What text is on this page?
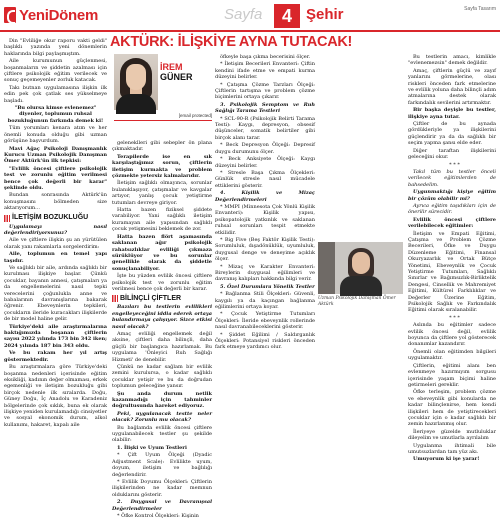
YeniDönem	Sayfa	4 Şehir	Sayfa Tasarım
AKTÜRK: İLİŞKİYE AYNA TUTACAK!

Din "Evliliğe okur raporu vakti geldi" başlıklı yazında yeni dönemlerin haklarında bilgi paylaşmıştım.

Aile kurumunun güçlenmesi, boşanmaların ve şiddetin azalması için çiftlere psikolojik eğitim verilecek ve sonuç geçemeyenler zorluk katacak.

Takı butnan uygulamasına ilişkin ilk edin pek çok çatlak ses yükselmeye başladı.

"Bu olursa kimse evlenemez" diyenler, toplumun ruhsal bozukluğunun farkında demek ki!

Tüm yorumları kenara atım ve her önemli konuda olduğu gibi uzman görüşüne başvurdum.

Mavi Ağaç Psikoloji Danışmanlık Kurucu Uzman Psikolojik Danışman Ömer Aktürk'ün ilk tepkisi:

"Evlilik öncesi çiftlere psikolojik test ve zorunlu eğitim verilmesi bence çok değerli bir karar" şeklinde oldu.

Bundan sonrasında Aktürk'ün konuşmasını bölmeden size aktarıyorum...

İLETİŞİM BOZUKLUĞU

Uygulamayı nasıl değerlendiriyorsunuz?

Aile ve çiftlere ilişkin şu an yürütülen olarak yanı rakamlarla sorgelerdirim:

Aile, toplumun en temel yapı taşıdır.

Ve sağlıklı bir aile, ardında sağlıklı bir kurulması ilişkiye başlar. Çünkü çocuklar, bayanın annesi, çatışmaları ya da engellemelerini nasıl tepki verecelerini çoğunlukla anne ve babalarının davranışlarına bakarak öğrenir. Ebeveynlerin tepkileri, çocukların ileride kuracakları ilişkilerde de bir model haline gelir.

Türkiye'deki aile araştırmalarına baktığımızda boşanan çiftlerin sayısı 2022 yılında 173 bin 342 iken; 2024 yılında 187 bin 343 oldu.

Ve bu rakam her yıl artış göstermektedir.

Bu araştırmalara göre Türkiye'deki boşanma nedenleri içerisinde eğitim eksikliği, kadının değer olmaması, erkek egemenliği ve iletişim bozukluğu gibi birçok nedenle ilk sıralarda. Doğu, Güney Doğu, İç Anadolu ve Karadeniz bölgelerinde çok sıklık, buna ek olarak ilişkiye yeniden kurulamadığı cinsiyetler ve sosyal ekonomik durum, alkol kullanımı, hakaret, kapalı aile

İREM
GÜNER
[email protected]

geleneklleri gibi sebepler ön plana çıkmaktadır.

Terapilerde ise en sık karşılaştığımız sorun, çiftlerin iletişim kurmakta ve problem çözmekte yetersiz kalmalarıdır.

İletişim sağlıklı olmayınca, sorunlar bulanıklaşıyor, çatışmalar ve kavgalar artıyor, yanlış çocuk yetiştirme tutumları devreye giriyor.

Hatta bazen fiziksel şiddete varabiliyor. Yani sağlıklı iletişim kuramayan aile yapısından sağlıklı çocuk yetişmesini beklemek de zor.

Hatta bazen flört aşamasında saklanan ağır psikolojik rahatsızlıklar evliliği çıkmaza sürüklüyor ve bu sorunlar genellikle olarak da şiddetle sonuçlanabiliyor.

İşte bu yüzden evlilik öncesi çiftlere psikolojik test ve zorunlu eğitim verilmesi bence çok değerli bir karar.

BİLİNÇLİ ÇİFTLER

Bazıları bu testlerin evlilikleri engelleyeceğini iddia ederek ortaya bulandırmaya çalışıyor. Sizce etkisi nasıl olacak?

Amaç evliliği engellemek değil aksine, çiftleri daha bilinçli, daha güçlü bir başlangıca hazırlamak. Bu uygulama 'Önleyici Ruh Sağlığı Hizmeti' de denebilir.

Çünkü ne kadar sağlam bir evlilik zemini kurulursa, o kadar sağlıklı çocuklar yetişir ve bu da doğrudan toplumun geleceğine yansır.

Şu anda durum netlik kazanmadığı için tahminler doğrultusunda hareket ediyoruz.

Peki, uygulanacak testte neler olacak? Zorunlu mu olacak?

Bu bağlamda evlilik öncesi çiftlere uygulanabilecek testler şu şekilde olabilir:

1. İlişki ve Uyum Testleri

* Çift Uyum Ölçeği (Dyadic Adjustment Scale): Evlilikte uyum, doyum, iletişim ve bağlılığı değerlendirir.

* Evlilik Doyumu Ölçekleri: Çiftlerin ilişkilerinden ne kadar memnun olduklarını gösterir.

2. Duygusal ve Davranışsal Değerlendirmeler

* Öfke Kontrol Ölçekleri: Kişinin

öfkeyle başa çıkma becerisini ölçer.

* İletişim Becerileri Envanteri: Çiftin kendini ifade etme ve empati kurma düzeyini belirler.

* Çatışma Çözme Tarzları Ölçeği: Çiftlerin tartışma ve problem çözme biçimlerini ortaya çıkarır.

3. Psikolojik Semptom ve Ruh Sağlığı Tarama Testleri

* SCL-90-R (Psikolojik Belirti Tarama Testi): Kaygı, depresyon, obsesif düşünceler, somatik belirtiler gibi birçok alanı tarar.

* Beck Depresyon Ölçeği: Depresif duygu durumunu ölçer.

* Beck Anksiyete Ölçeği: Kaygı düzeyini belirler.

* Stresle Başa Çıkma Ölçekleri: Günlük stresle nasıl mücadele ettiklerini gösterir.

4. Kişilik ve Mizaç Değerlendirmeleri

* MMPI (Minnesota Çok Yönlü Kişilik Envanteri): Kişilik yapısı, psikopatolojik yatkınlık ve saklanan ruhsal sorunları tespit etmekte etkilidir.

* Big Five (Beş Faktör Kişilik Testi): Sorumluluk, dışadönüklük, uyumluluk, duygusal denge ve deneyime açıklık ölçer.

* Mizaç ve Karakter Envanteri: Bireylerin duygusal eğilimleri ve davranış kalıpları hakkında bilgi verir.

5. Özel Durumlara Yönelik Testler

* Bağlanma Stili Ölçekleri: Güvenli, kaygılı ya da kaçıngan bağlanma eğilimlerini ortaya koyar.

* Çocuk Yetiştirme Tutumları Ölçekleri: İleride ebeveynlik rollerinde nasıl davranabileceklerini gösterir.

* Şiddet Eğilimi / Saldırganlık Ölçekleri: Potansiyel riskleri önceden fark etmeye yardımcı olur.

Uzman Psikolojik Danışman Ömer Aktürk

Bu testlerin amacı, kimlikle "evlenemezsin" demek değildir.

Amaç, çiftlerin güçlü ve zayıf yanlarını görmelerine, olası riskleri önceden fark etmelerine ve evlilik yoluna daha bilinçli adım atmalarına destek olarak farkındalık sevilerini artırmaktır.

Bir başka deyişle bu testler, ilişkiye ayna tutar.

Çiftler de bu aynada gördükleriyle ya ilişkilerini güçlendirir ya da da sağlıklı bir seçim yapma şansı elde eder.

Diğer taraftan ilişkilerini geleceğini okur.

* * *

Takıl tüm bu testler önceli verilecek eğitimlerden de bahsedelim.

Uygunmaktığı kişiye eğitim bir çözüm olabilir mi?

Ayrıca eğitim taşıdıkları için de önerilir sürecidir.

Evlilik öncesi çiftlere verilebilecek eğitimler:

İletişim ve Empati Eğitimi, Çatışma ve Problem Çözme Becerileri, Öfke ve Duygu Düzenleme Eğitimi, Finansal Okuryazarlık ve Ortak Bütçe Yönetimi, Ebeveynlik ve Çocuk Yetiştirme Tutumları, Sağlıklı Sınırlar ve Bağımsızlık-Birliktelik Dengesi, Cinsellik ve Mahremiyet Eğitimi, Kültürel Farklılıklar ve Değerler Üzerine Eğitim, Psikolojik Sağlık ve Farkındalık Eğitimi olarak sıralanabilir.

* * *

Aslında bu eğitimler sadece evlilik öncesi değil, evlilik boyunca da çiftlere yol gösterecek donanımlar kazandırır.

Önemli olan eğitimden bilgileri uygulamaktır.

Çiftlerin, eğitimi alanı ben evlenmeye hazırmıyım sorgusu içerisinde yaşam biçimi haline getirmeleri gereklir.

Öfke terleşim, problem çözme ve ebeveynlik gibi konularda ne kadar bilinçlenirse, hem kendi ilişkileri hem de yetiştirecekleri çocuklar için o kadar sağlıklı bir zemin hazırlanmış olur.

İleriyeye güzelde mutluluklar dileyelim ve umutlarla ayrılalım

Uygulanma ihtimali bile umutsuzlardan tam yüz akı.

Umuyorum ki işe yarar!
